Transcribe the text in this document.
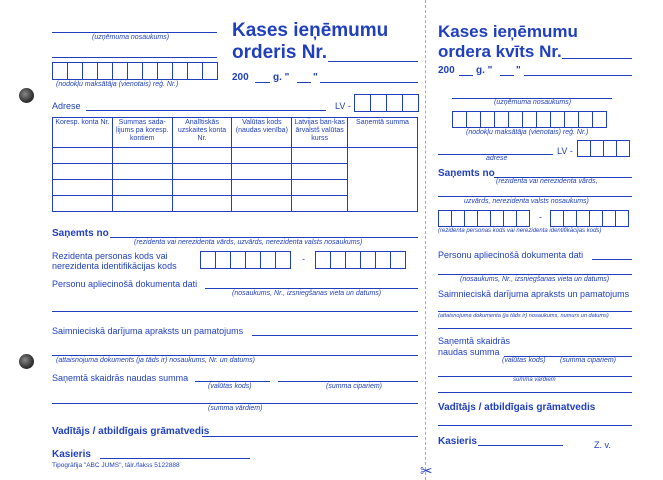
✂
(uzņēmuma nosaukums)
(nodokļu maksātāja (vienotais) reģ. Nr.)
Kases ieņēmumu
orderis Nr.
200 g. " "
Adrese	LV -
Koresp. konta Nr.	Summas sada-ļijums pa koresp. kontiem	Analītiskās uzskaites konta Nr.	Valūtas kods (naudas vienība)	Latvijas ban-kas ārvalstš valūtas kurss	Saņemtā summa

Saņemts no
(rezidenta vai nerezidenta vārds, uzvārds, nerezidenta valsts nosaukums)
Rezidenta personas kods vai
nerezidenta identifikācijas kods
-
Personu apliecinošā dokumenta dati
(nosaukums, Nr., izsniegšanas vieta un datums)
Saimnieciskā darījuma apraksts un pamatojums
(attaisnojuma dokuments (ja tāds ir) nosaukums, Nr. un datums)
Saņemtā skaidrās naudas summa
(valūtas kods)	(summa cipariem)
(summa vārdiem)
Vadītājs / atbildīgais grāmatvedis
Kasieris
Tipogrāfija "ABC JUMS", tālr./fakss 5122888
Kases ieņēmumu
ordera kvīts Nr.
200 g. " "
(uzņēmuma nosaukums)
(nodokļu maksātāja (vienotais) reģ. Nr.)
LV -
adrese
Saņemts no
(rezidenta vai nerezidenta vārds,
uzvārds, nerezidenta valsts nosaukums)
-
(rezidenta personas kods vai nerezidenta identifikācijas kods)
Personu apliecinošā dokumenta dati
(nosaukums, Nr., izsniegšanas vieta un datums)
Saimnieciskā darījuma apraksts un pamatojums
(attaisnojuma dokumenta (ja tāds ir) nosaukums, numurs un datums)
Saņemtā skaidrās
naudas summa
(valūtas kods) (summa cipariem)
summa vārdiem
Vadītājs / atbildīgais grāmatvedis
Kasieris	Z. v.
